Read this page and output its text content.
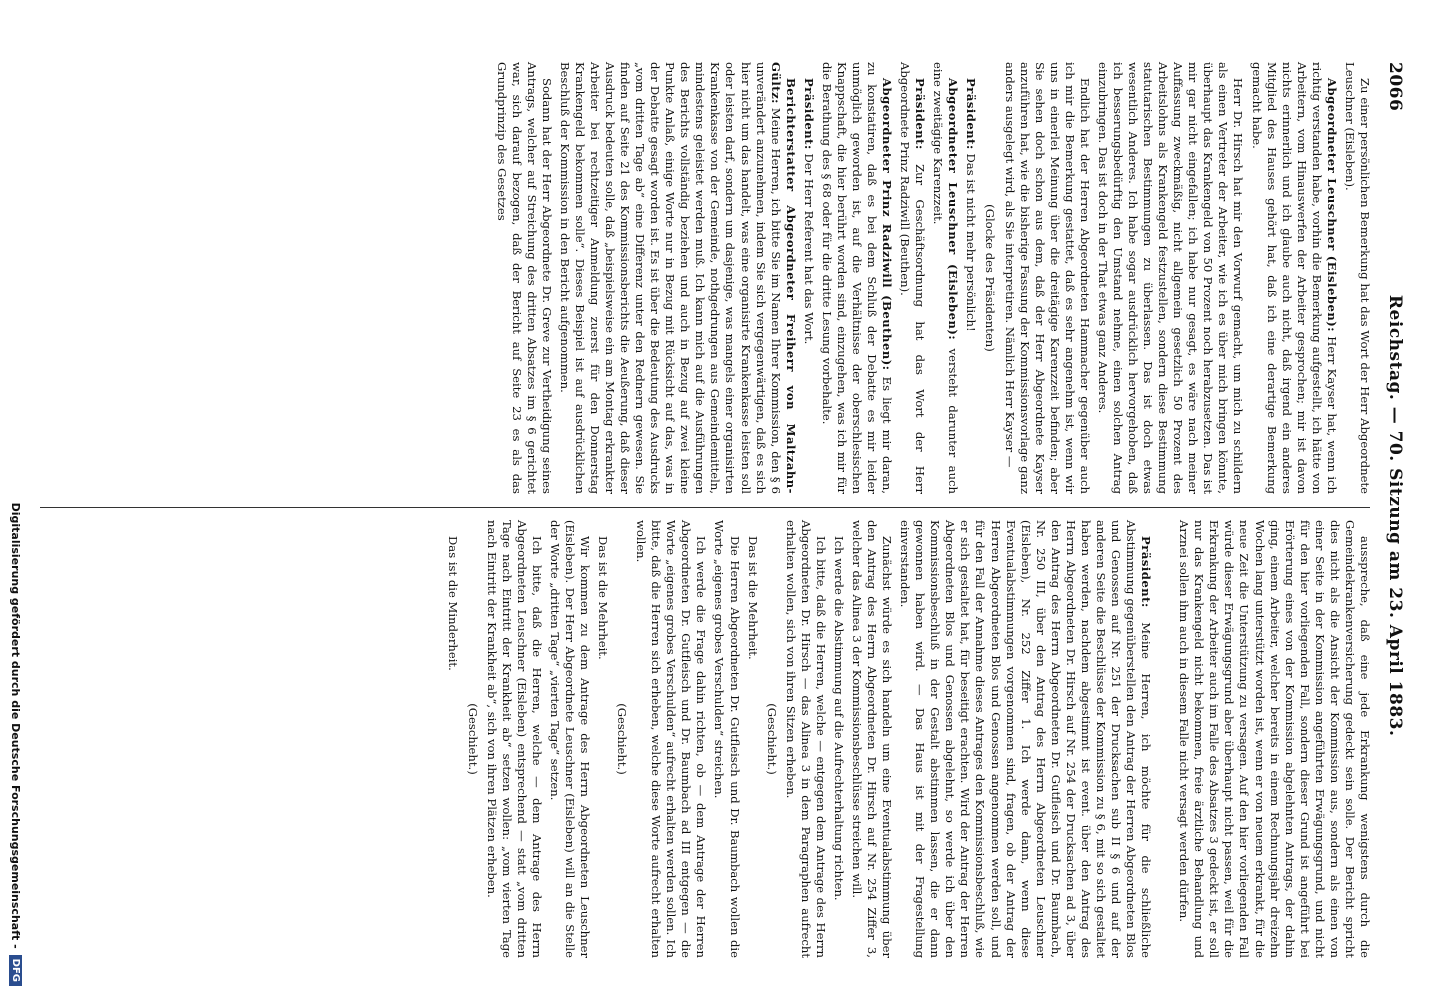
2066
Reichstag. — 70. Sitzung am 23. April 1883.

Zu einer persönlichen Bemerkung hat das Wort der Herr Abgeordnete Leuschner (Eisleben).

Abgeordneter Leuschner (Eisleben): Herr Kayser hat, wenn ich richtig verstanden habe, vorhin die Bemerkung aufgestellt, ich hätte von Arbeitern, vom Hinauswerfen der Arbeiter gesprochen; mir ist davon nichts erinnerlich und ich glaube auch nicht, daß irgend ein anderes Mitglied des Hauses gehört hat, daß ich eine derartige Bemerkung gemacht habe.

Herr Dr. Hirsch hat mir den Vorwurf gemacht, um mich zu schildern als einen Vertreter der Arbeiter, wie ich es über mich bringen könnte, überhaupt das Krankengeld von 50 Prozent noch herabzusetzen. Das ist mir gar nicht eingefallen; ich habe nur gesagt, es wäre nach meiner Auffassung zweckmäßig, nicht allgemein gesetzlich 50 Prozent des Arbeitslohns als Krankengeld festzustellen, sondern diese Bestimmung statutarischen Bestimmungen zu überlassen. Das ist doch etwas wesentlich Anderes. Ich habe sogar ausdrücklich hervorgehoben, daß ich besserungsbedürftig den Umstand nehme, einen solchen Antrag einzubringen. Das ist doch in der That etwas ganz Anderes.

Endlich hat der Herren Abgeordneten Hammacher gegenüber auch ich mir die Bemerkung gestattet, daß es sehr angenehm ist, wenn wir uns in einerlei Meinung über die dreitägige Karenzzeit befinden; aber Sie sehen doch schon aus dem, daß der Herr Abgeordnete Kayser anzuführen hat, wie die bisherige Fassung der Kommissionsvorlage ganz anders ausgelegt wird, als Sie interpretiren. Nämlich Herr Kayser —

(Glocke des Präsidenten)

Präsident: Das ist nicht mehr persönlich!

Abgeordneter Leuschner (Eisleben): versteht darunter auch eine zweitägige Karenzzeit.

Präsident: Zur Geschäftsordnung hat das Wort der Herr Abgeordnete Prinz Radziwill (Beuthen).

Abgeordneter Prinz Radziwill (Beuthen): Es liegt mir daran, zu konstatiren, daß es bei dem Schluß der Debatte es mir leider unmöglich geworden ist, auf die Verhältnisse der oberschlesischen Knappschaft, die hier berührt worden sind, einzugehen, was ich mir für die Berathung des § 68 oder für die dritte Lesung vorbehalte.

Präsident: Der Herr Referent hat das Wort.

Berichterstatter Abgeordneter Freiherr von Maltzahn-Gültz: Meine Herren, ich bitte Sie im Namen Ihrer Kommission, den § 6 unverändert anzunehmen, indem Sie sich vergegenwärtigen, daß es sich hier nicht um das handelt, was eine organisirte Krankenkasse leisten soll oder leisten darf, sondern um dasjenige, was mangels einer organisirten Krankenkasse von der Gemeinde, nothgedrungen aus Gemeindemitteln, mindestens geleistet werden muß. Ich kann mich auf die Ausführungen des Berichts vollständig beziehen und auch in Bezug auf zwei kleine Punkte Anlaß, einige Worte nur in Bezug mit Rücksicht auf das, was in der Debatte gesagt worden ist. Es ist über die Bedeutung des Ausdrucks „vom dritten Tage ab“ eine Differenz unter den Rednern gewesen. Sie finden auf Seite 21 des Kommissionsberichts die Aeußerung, daß dieser Ausdruck bedeuten solle, daß „beispielsweise ein am Montag erkrankter Arbeiter bei rechtzeitiger Anmeldung zuerst für den Donnerstag Krankengeld bekommen solle“. Dieses Beispiel ist auf ausdrücklichen Beschluß der Kommission in den Bericht aufgenommen.

Sodann hat der Herr Abgeordnete Dr. Greve zur Vertheidigung seines Antrags, welcher auf Streichung des dritten Absatzes im § 6 gerichtet war, sich darauf bezogen, daß der Bericht auf Seite 23 es als das Grundprinzip des Gesetzes

ausspreche, daß eine jede Erkrankung wenigstens durch die Gemeindekrankenversicherung gedeckt sein solle. Der Bericht spricht dies nicht als die Ansicht der Kommission aus, sondern als einen von einer Seite in der Kommission angeführten Erwägungsgrund, und nicht für den hier vorliegenden Fall, sondern dieser Grund ist angeführt bei Erörterung eines von der Kommission abgelehnten Antrags, der dahin ging, einem Arbeiter, welcher bereits in einem Rechnungsjahr dreizehn Wochen lang unterstützt worden ist, wenn er von neuem erkrankt, für die neue Zeit die Unterstützung zu versagen. Auf den hier vorliegenden Fall würde dieser Erwägungsgrund aber überhaupt nicht passen, weil für die Erkrankung der Arbeiter auch im Falle des Absatzes 3 gedeckt ist, er soll nur das Krankengeld nicht bekommen, freie ärztliche Behandlung und Arznei sollen ihm auch in diesem Falle nicht versagt werden dürfen.

Präsident: Meine Herren, ich möchte für die schließliche Abstimmung gegenüberstellen den Antrag der Herren Abgeordneten Blos und Genossen auf Nr. 251 der Drucksachen sub II § 6 und auf der anderen Seite die Beschlüsse der Kommission zu § 6, mit so sich gestaltet haben werden, nachdem abgestimmt ist event. über den Antrag des Herrn Abgeordneten Dr. Hirsch auf Nr. 254 der Drucksachen ad 3, über den Antrag des Herrn Abgeordneten Dr. Gutfleisch und Dr. Baumbach, Nr. 250 III, über den Antrag des Herrn Abgeordneten Leuschner (Eisleben), Nr. 252 Ziffer 1. Ich werde dann, wenn diese Eventualabstimmungen vorgenommen sind, fragen, ob der Antrag der Herren Abgeordneten Blos und Genossen angenommen werden soll, und für den Fall der Annahme dieses Antrages den Kommissionsbeschluß, wie er sich gestaltet hat, für beseitigt erachten. Wird der Antrag der Herren Abgeordneten Blos und Genossen abgelehnt, so werde ich über den Kommissionsbeschluß in der Gestalt abstimmen lassen, die er dann gewonnen haben wird. — Das Haus ist mit der Fragestellung einverstanden.

Zunächst würde es sich handeln um eine Eventualabstimmung über den Antrag des Herrn Abgeordneten Dr. Hirsch auf Nr. 254 Ziffer 3, welcher das Alinea 3 der Kommissionsbeschlüsse streichen will.

Ich werde die Abstimmung auf die Aufrechterhaltung richten.

Ich bitte, daß die Herren, welche — entgegen dem Antrage des Herrn Abgeordneten Dr. Hirsch — das Alinea 3 in dem Paragraphen aufrecht erhalten wollen, sich von ihren Sitzen erheben.

(Geschieht.)

Das ist die Mehrheit.

Die Herren Abgeordneten Dr. Gutfleisch und Dr. Baumbach wollen die Worte „eigenes grobes Verschulden“ streichen.

Ich werde die Frage dahin richten, ob — dem Antrage der Herren Abgeordneten Dr. Gutfleisch und Dr. Baumbach ad III entgegen — die Worte „eigenes grobes Verschulden“ aufrecht erhalten werden sollen. Ich bitte, daß die Herren sich erheben, welche diese Worte aufrecht erhalten wollen.

(Geschieht.)

Das ist die Mehrheit.

Wir kommen zu dem Antrage des Herrn Abgeordneten Leuschner (Eisleben). Der Herr Abgeordnete Leuschner (Eisleben) will an die Stelle der Worte „dritten Tage“ „vierten Tage“ setzen.

Ich bitte, daß die Herren, welche — dem Antrage des Herrn Abgeordneten Leuschner (Eisleben) entsprechend — statt „vom dritten Tage nach Eintritt der Krankheit ab“ setzen wollen: „vom vierten Tage nach Eintritt der Krankheit ab“, sich von ihren Plätzen erheben.

(Geschieht.)

Das ist die Minderheit.

Digitalisierung gefördert durch die Deutsche Forschungsgemeinschaft -
DFG
